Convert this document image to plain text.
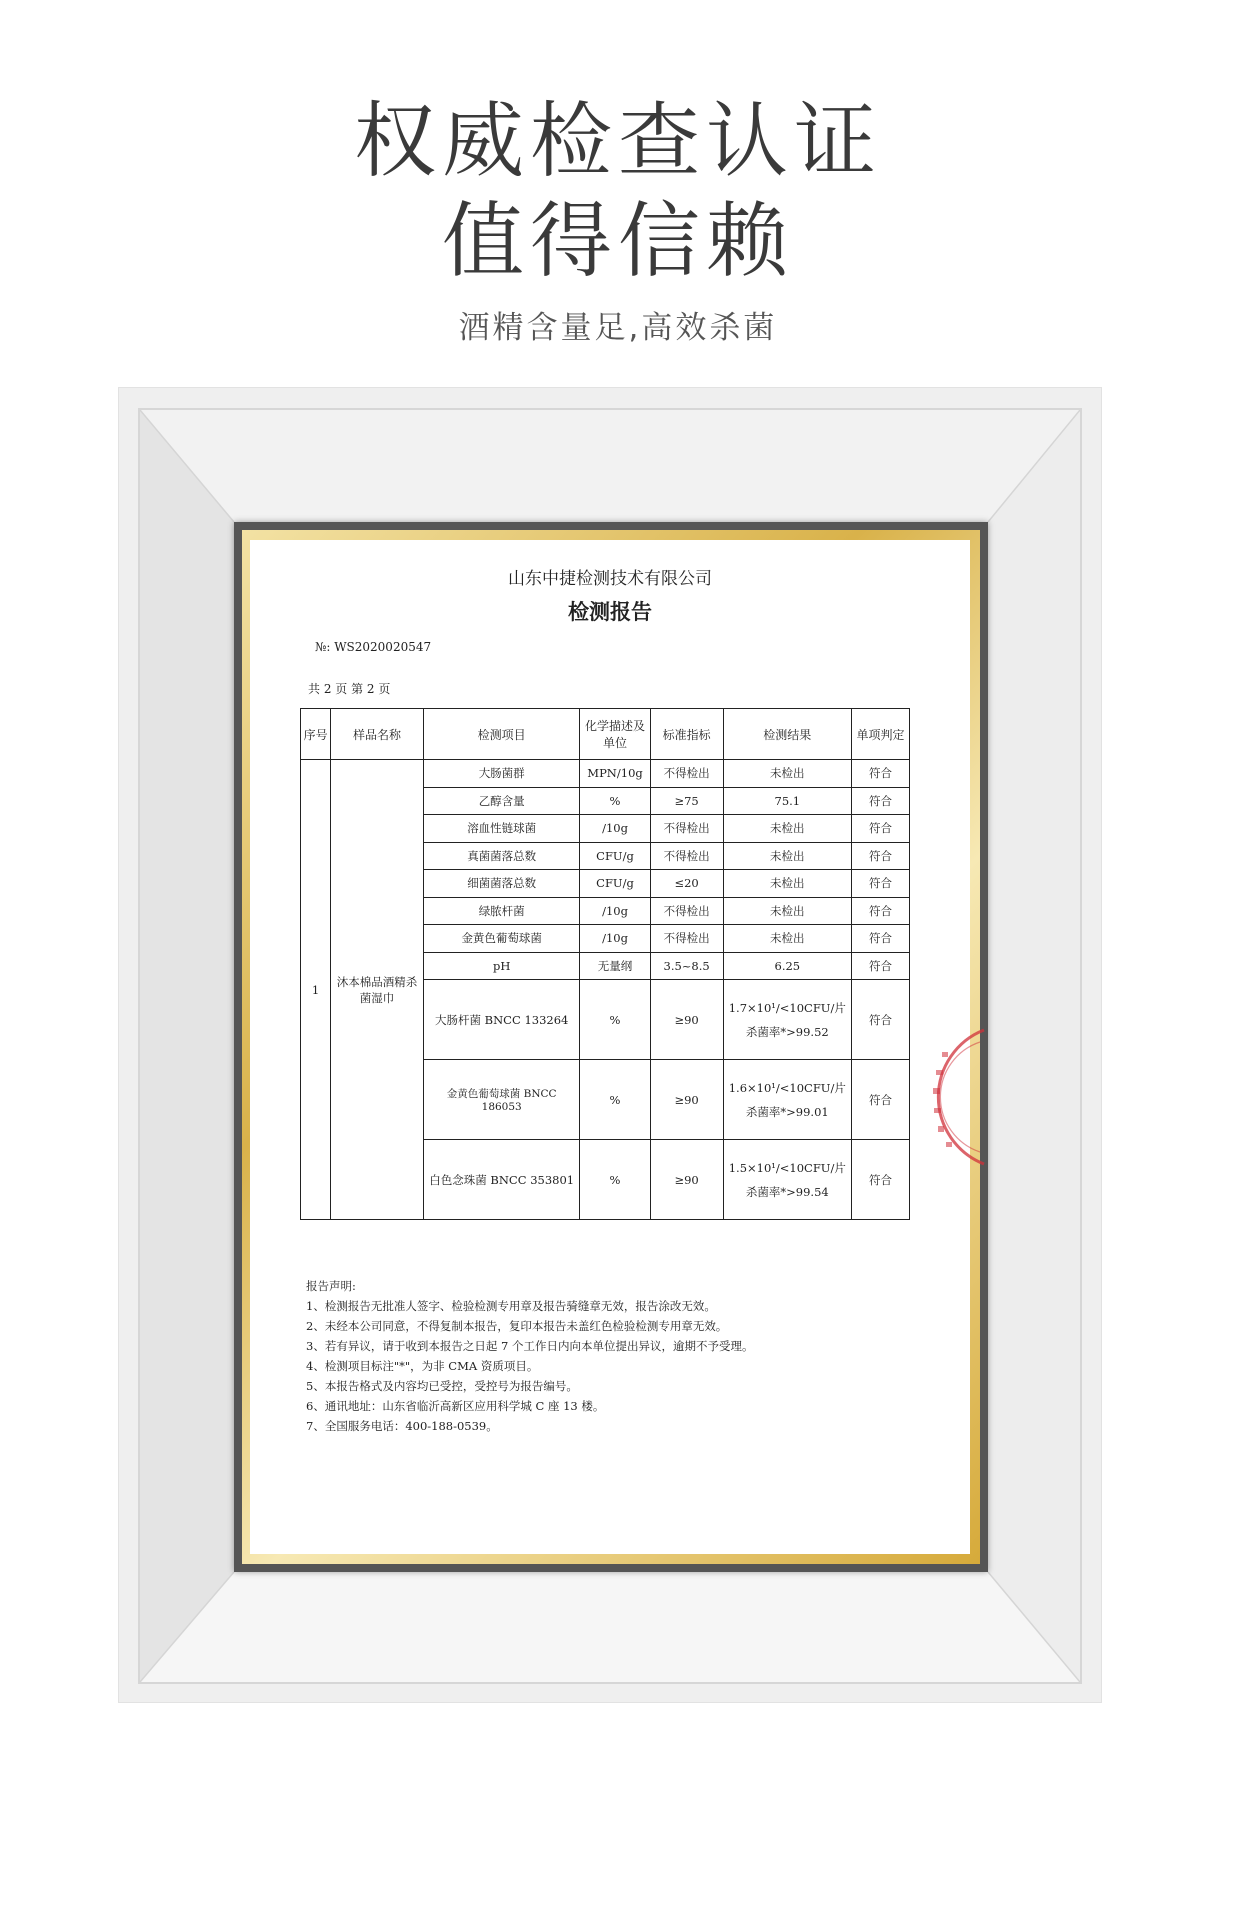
权威检查认证
值得信赖
酒精含量足,高效杀菌
山东中捷检测技术有限公司
检测报告
№: WS2020020547
共 2 页 第 2 页
序号	样品名称	检测项目	化学描述及单位	标准指标	检测结果	单项判定
1	沐本棉品酒精杀菌湿巾	大肠菌群	MPN/10g	不得检出	未检出	符合
		乙醇含量	%	≥75	75.1	符合
		溶血性链球菌	/10g	不得检出	未检出	符合
		真菌菌落总数	CFU/g	不得检出	未检出	符合
		细菌菌落总数	CFU/g	≤20	未检出	符合
		绿脓杆菌	/10g	不得检出	未检出	符合
		金黄色葡萄球菌	/10g	不得检出	未检出	符合
		pH	无量纲	3.5~8.5	6.25	符合
		大肠杆菌 BNCC 133264	%	≥90	1.7×10¹/<10CFU/片
杀菌率*>99.52	符合
		金黄色葡萄球菌 BNCC 186053	%	≥90	1.6×10¹/<10CFU/片
杀菌率*>99.01	符合
		白色念珠菌 BNCC 353801	%	≥90	1.5×10¹/<10CFU/片
杀菌率*>99.54	符合
报告声明:
1、检测报告无批准人签字、检验检测专用章及报告骑缝章无效，报告涂改无效。
2、未经本公司同意，不得复制本报告，复印本报告未盖红色检验检测专用章无效。
3、若有异议，请于收到本报告之日起 7 个工作日内向本单位提出异议，逾期不予受理。
4、检测项目标注"*"，为非 CMA 资质项目。
5、本报告格式及内容均已受控，受控号为报告编号。
6、通讯地址：山东省临沂高新区应用科学城 C 座 13 楼。
7、全国服务电话：400-188-0539。
